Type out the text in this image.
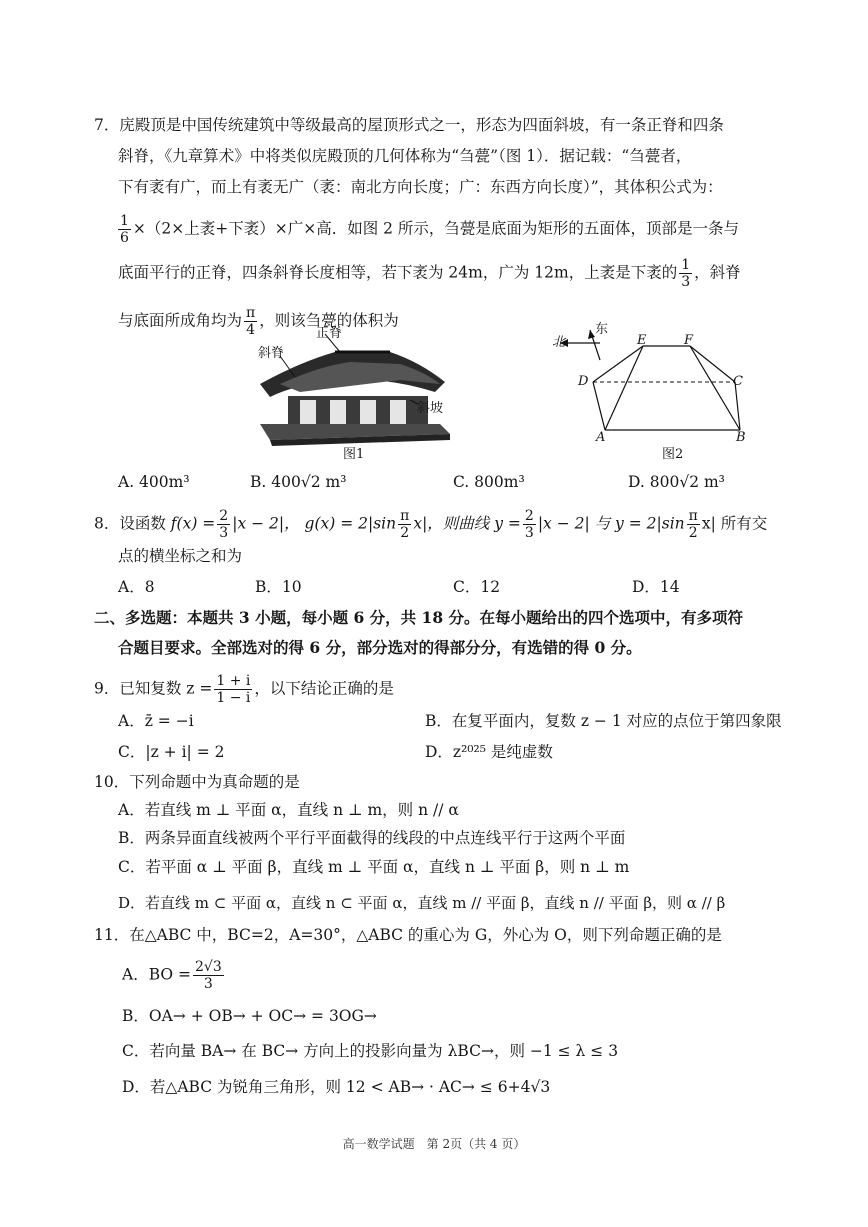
7．庑殿顶是中国传统建筑中等级最高的屋顶形式之一，形态为四面斜坡，有一条正脊和四条
斜脊，《九章算术》中将类似庑殿顶的几何体称为“刍甍”（图 1）．据记载：“刍甍者，
下有袤有广，而上有袤无广（袤：南北方向长度；广：东西方向长度）”，其体积公式为：
$\frac{1}{6} \times(2\times$上袤+下袤）×广×高．如图 2 所示，刍甍是底面为矩形的五面体，顶部是一条与
底面平行的正脊，四条斜脊长度相等，若下袤为 24m，广为 12m，上袤是下袤的 $\frac{1}{3}$ ，斜脊
与底面所成角均为 $\frac{\pi}{4}$ ，则该刍甍的体积为
正脊
斜脊
斜坡
图1
北
东
E	F
D	C
A	B
图2
A. 400m³	B. 400√2 m³	C. 800m³	D. 800√2 m³
8．设函数 $f(x) = \frac{2}{3} |x - 2|$， $g(x) = 2|\sin \frac{\pi}{2} x|$，则曲线 $y = \frac{2}{3} |x - 2|$ 与 $y = 2|\sin \frac{\pi}{2} x|$ 所有交
点的横坐标之和为
A．8	B．10	C．12	D．14
二、多选题：本题共 3 小题，每小题 6 分，共 18 分。在每小题给出的四个选项中，有多项符
合题目要求。全部选对的得 6 分，部分选对的得部分分，有选错的得 0 分。
9．已知复数 $z = \frac{1 + i}{1 - i}$ ，以下结论正确的是
A．z̄ = −i	B．在复平面内，复数 z − 1 对应的点位于第四象限
C．|z + i| = 2	D．z²⁰²⁵ 是纯虚数
10．下列命题中为真命题的是
A．若直线 m ⊥ 平面 α，直线 n ⊥ m，则 n // α
B．两条异面直线被两个平行平面截得的线段的中点连线平行于这两个平面
C．若平面 α ⊥ 平面 β，直线 m ⊥ 平面 α，直线 n ⊥ 平面 β，则 n ⊥ m
D．若直线 m ⊂ 平面 α，直线 n ⊂ 平面 α，直线 m // 平面 β，直线 n // 平面 β，则 α // β
11．在△ABC 中，BC=2，A=30°，△ABC 的重心为 G，外心为 O，则下列命题正确的是
A．BO = $\frac{2√3}{3}$
B．OA→ + OB→ + OC→ = 3OG→
C．若向量 BA→ 在 BC→ 方向上的投影向量为 λBC→，则 −1 ≤ λ ≤ 3
D．若△ABC 为锐角三角形，则 12 < AB→ · AC→ ≤ 6+4√3
高一数学试题　第 2页（共 4 页）
